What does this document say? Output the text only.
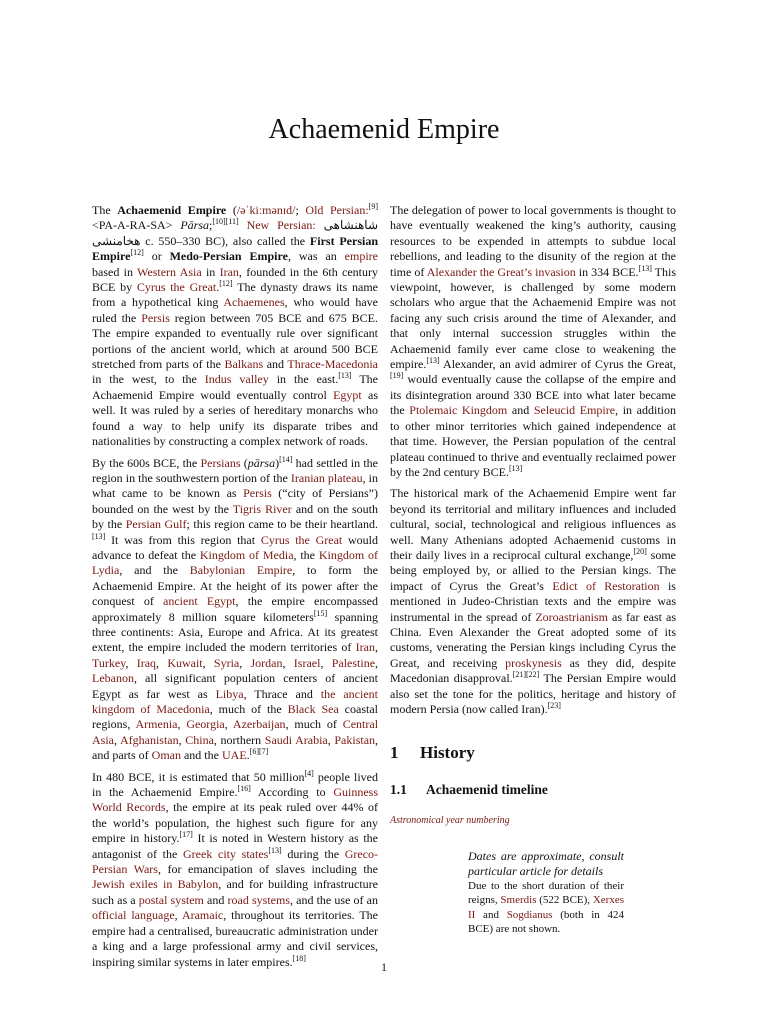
Achaemenid Empire

The Achaemenid Empire (/əˈkiːmənɪd/; Old Persian:[9] <PA-A-RA-SA> Pārsa;[10][11] New Persian: شاهنشاهی هخامنشی c. 550–330 BC), also called the First Persian Empire[12] or Medo-Persian Empire, was an empire based in Western Asia in Iran, founded in the 6th century BCE by Cyrus the Great.[12] The dynasty draws its name from a hypothetical king Achaemenes, who would have ruled the Persis region between 705 BCE and 675 BCE. The empire expanded to eventually rule over significant portions of the ancient world, which at around 500 BCE stretched from parts of the Balkans and Thrace-Macedonia in the west, to the Indus valley in the east.[13] The Achaemenid Empire would eventually control Egypt as well. It was ruled by a series of hereditary monarchs who found a way to help unify its disparate tribes and nationalities by constructing a complex network of roads.

By the 600s BCE, the Persians (pārsa)[14] had settled in the region in the southwestern portion of the Iranian plateau, in what came to be known as Persis (“city of Persians”) bounded on the west by the Tigris River and on the south by the Persian Gulf; this region came to be their heartland.[13] It was from this region that Cyrus the Great would advance to defeat the Kingdom of Media, the Kingdom of Lydia, and the Babylonian Empire, to form the Achaemenid Empire. At the height of its power after the conquest of ancient Egypt, the empire encompassed approximately 8 million square kilometers[15] spanning three continents: Asia, Europe and Africa. At its greatest extent, the empire included the modern territories of Iran, Turkey, Iraq, Kuwait, Syria, Jordan, Israel, Palestine, Lebanon, all significant population centers of ancient Egypt as far west as Libya, Thrace and the ancient kingdom of Macedonia, much of the Black Sea coastal regions, Armenia, Georgia, Azerbaijan, much of Central Asia, Afghanistan, China, northern Saudi Arabia, Pakistan, and parts of Oman and the UAE.[6][7]

In 480 BCE, it is estimated that 50 million[4] people lived in the Achaemenid Empire.[16] According to Guinness World Records, the empire at its peak ruled over 44% of the world’s population, the highest such figure for any empire in history.[17] It is noted in Western history as the antagonist of the Greek city states[13] during the Greco-Persian Wars, for emancipation of slaves including the Jewish exiles in Babylon, and for building infrastructure such as a postal system and road systems, and the use of an official language, Aramaic, throughout its territories. The empire had a centralised, bureaucratic administration under a king and a large professional army and civil services, inspiring similar systems in later empires.[18]

The delegation of power to local governments is thought to have eventually weakened the king’s authority, causing resources to be expended in attempts to subdue local rebellions, and leading to the disunity of the region at the time of Alexander the Great’s invasion in 334 BCE.[13] This viewpoint, however, is challenged by some modern scholars who argue that the Achaemenid Empire was not facing any such crisis around the time of Alexander, and that only internal succession struggles within the Achaemenid family ever came close to weakening the empire.[13] Alexander, an avid admirer of Cyrus the Great,[19] would eventually cause the collapse of the empire and its disintegration around 330 BCE into what later became the Ptolemaic Kingdom and Seleucid Empire, in addition to other minor territories which gained independence at that time. However, the Persian population of the central plateau continued to thrive and eventually reclaimed power by the 2nd century BCE.[13]

The historical mark of the Achaemenid Empire went far beyond its territorial and military influences and included cultural, social, technological and religious influences as well. Many Athenians adopted Achaemenid customs in their daily lives in a reciprocal cultural exchange,[20] some being employed by, or allied to the Persian kings. The impact of Cyrus the Great’s Edict of Restoration is mentioned in Judeo-Christian texts and the empire was instrumental in the spread of Zoroastrianism as far east as China. Even Alexander the Great adopted some of its customs, venerating the Persian kings including Cyrus the Great, and receiving proskynesis as they did, despite Macedonian disapproval.[21][22] The Persian Empire would also set the tone for the politics, heritage and history of modern Persia (now called Iran).[23]

1 History
1.1 Achaemenid timeline
Astronomical year numbering
Dates are approximate, consult particular article for details
Due to the short duration of their reigns, Smerdis (522 BCE), Xerxes II and Sogdianus (both in 424 BCE) are not shown.
1
